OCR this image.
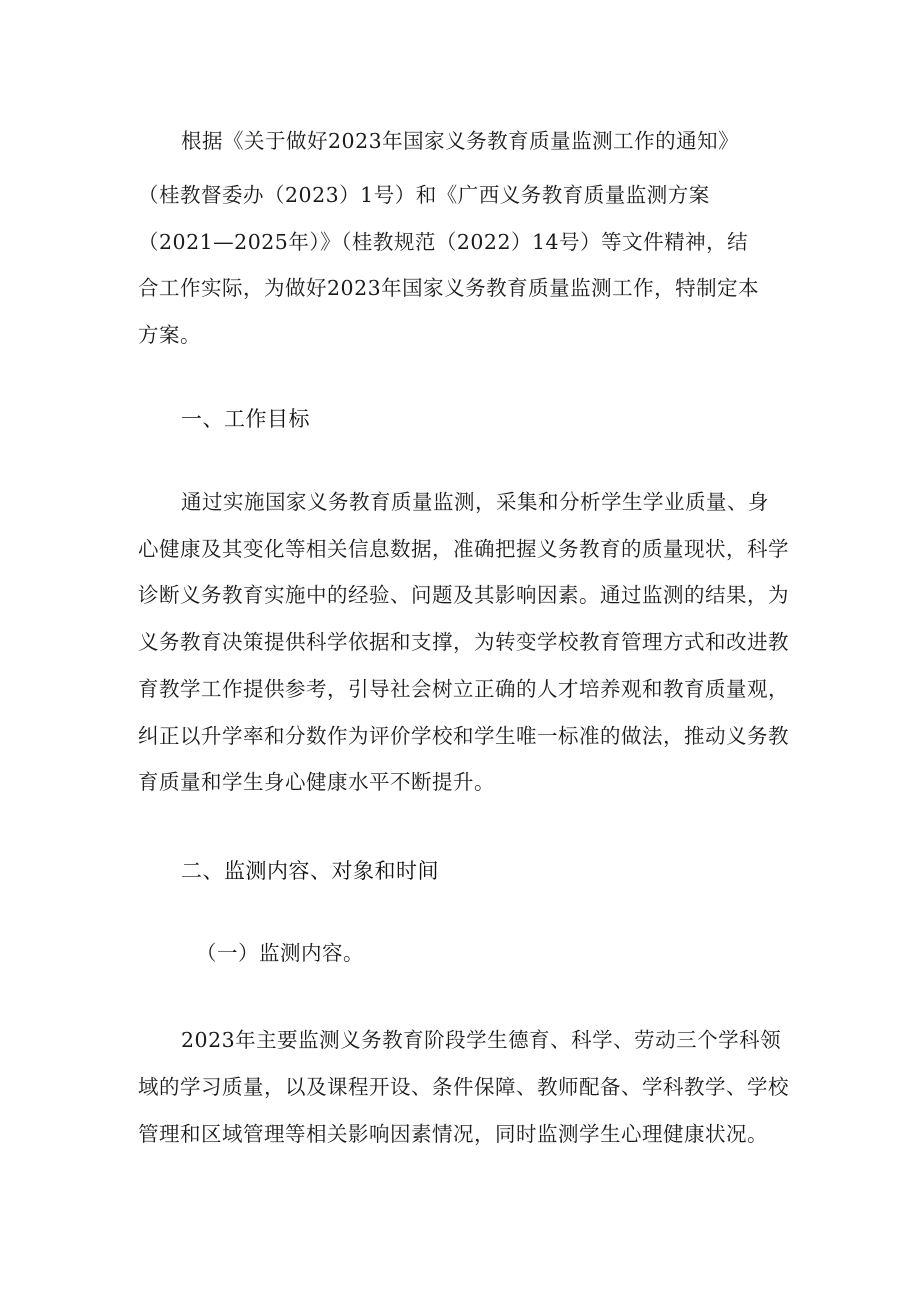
根据《关于做好2023年国家义务教育质量监测工作的通知》
（桂教督委办（2023）1号）和《广西义务教育质量监测方案
（2021—2025年）》（桂教规范（2022）14号）等文件精神，结
合工作实际，为做好2023年国家义务教育质量监测工作，特制定本
方案。
一、工作目标
通过实施国家义务教育质量监测，采集和分析学生学业质量、身
心健康及其变化等相关信息数据，准确把握义务教育的质量现状，科学
诊断义务教育实施中的经验、问题及其影响因素。通过监测的结果，为
义务教育决策提供科学依据和支撑，为转变学校教育管理方式和改进教
育教学工作提供参考，引导社会树立正确的人才培养观和教育质量观，
纠正以升学率和分数作为评价学校和学生唯一标准的做法，推动义务教
育质量和学生身心健康水平不断提升。
二、监测内容、对象和时间
（一）监测内容。
2023年主要监测义务教育阶段学生德育、科学、劳动三个学科领
域的学习质量，以及课程开设、条件保障、教师配备、学科教学、学校
管理和区域管理等相关影响因素情况，同时监测学生心理健康状况。
